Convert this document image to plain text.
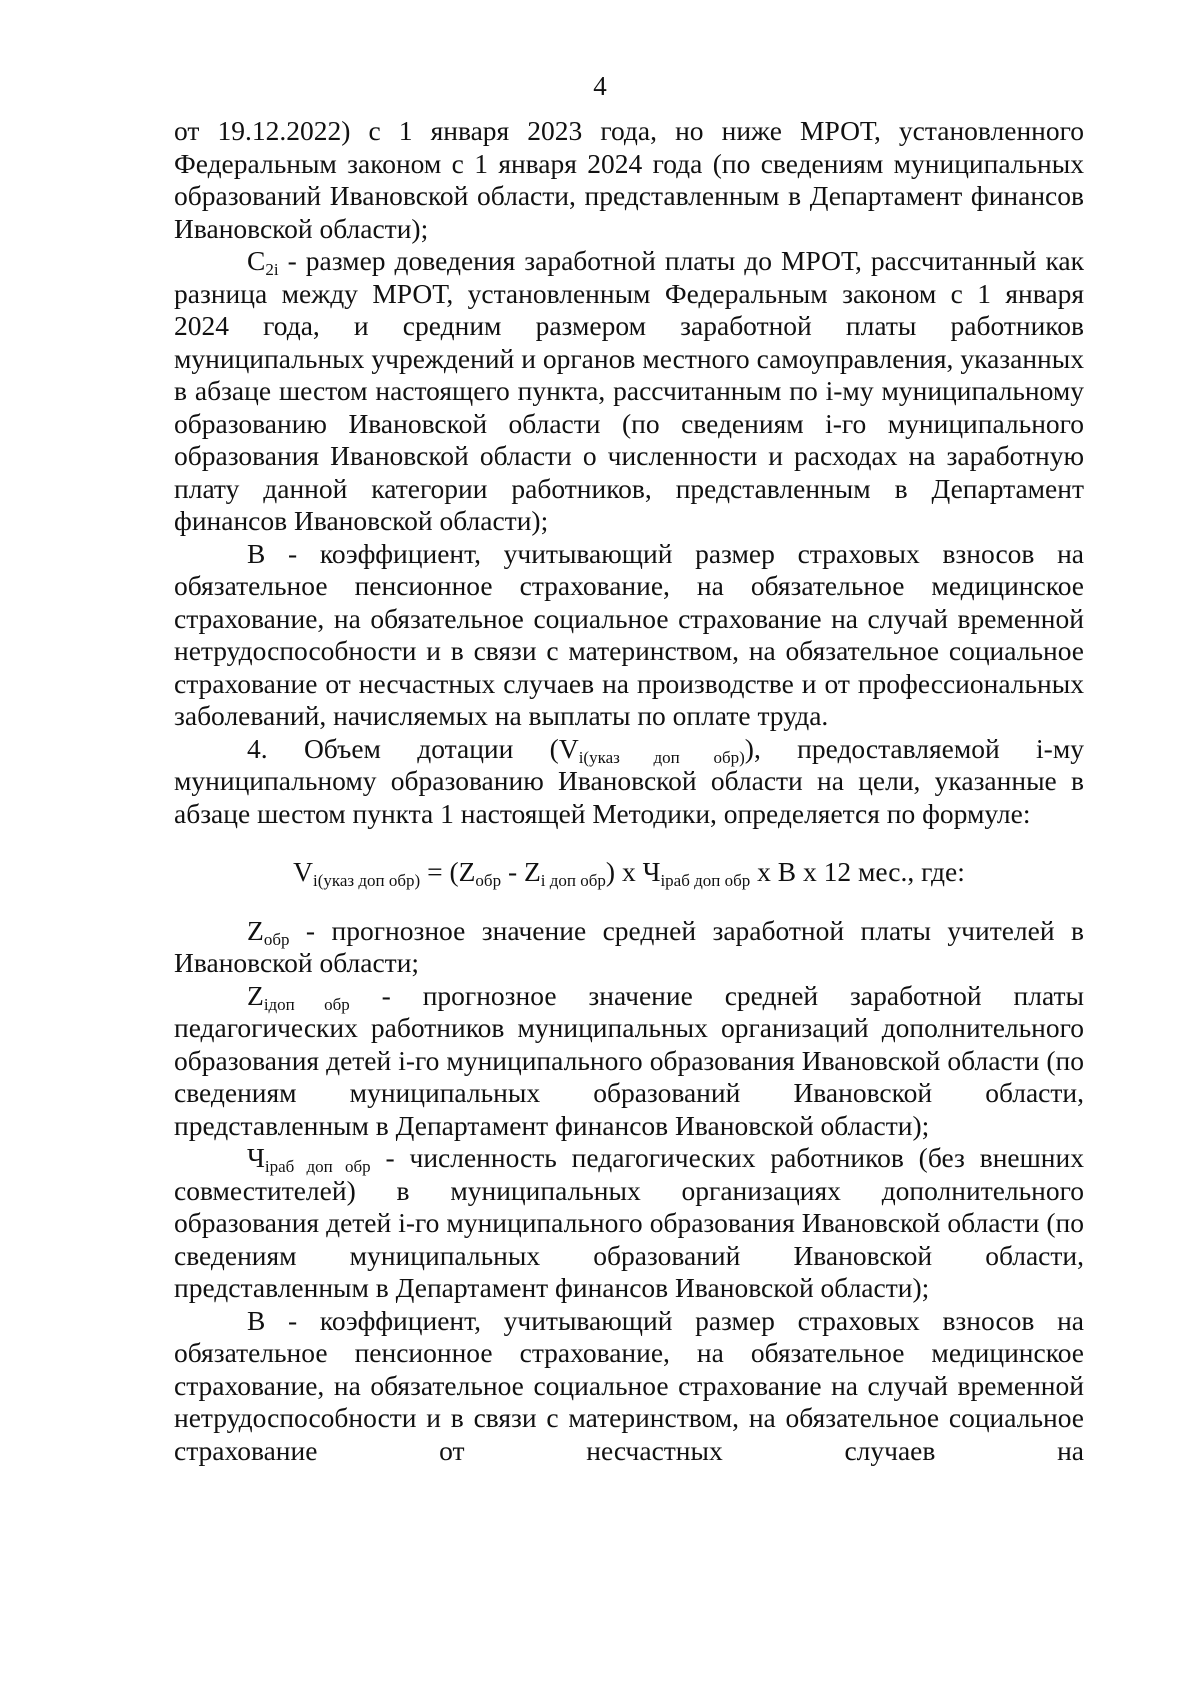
4

от 19.12.2022) с 1 января 2023 года, но ниже МРОТ, установленного Федеральным законом с 1 января 2024 года (по сведениям муниципальных образований Ивановской области, представленным в Департамент финансов Ивановской области);

$C_{2i}$ - размер доведения заработной платы до МРОТ, рассчитанный как разница между МРОТ, установленным Федеральным законом с 1 января 2024 года, и средним размером заработной платы работников муниципальных учреждений и органов местного самоуправления, указанных в абзаце шестом настоящего пункта, рассчитанным по i-му муниципальному образованию Ивановской области (по сведениям i-го муниципального образования Ивановской области о численности и расходах на заработную плату данной категории работников, представленным в Департамент финансов Ивановской области);

В - коэффициент, учитывающий размер страховых взносов на обязательное пенсионное страхование, на обязательное медицинское страхование, на обязательное социальное страхование на случай временной нетрудоспособности и в связи с материнством, на обязательное социальное страхование от несчастных случаев на производстве и от профессиональных заболеваний, начисляемых на выплаты по оплате труда.

4. Объем дотации $(V_{i(указ доп обр)})$, предоставляемой i-му муниципальному образованию Ивановской области на цели, указанные в абзаце шестом пункта 1 настоящей Методики, определяется по формуле:

$V_{i(указ доп обр)} = (Z_{обр} - Z_{i доп обр})$ x $Ч_{iраб доп обр}$ x B x 12 мес., где:

$Z_{обр}$ - прогнозное значение средней заработной платы учителей в Ивановской области;

$Z_{iдоп обр}$ - прогнозное значение средней заработной платы педагогических работников муниципальных организаций дополнительного образования детей i-го муниципального образования Ивановской области (по сведениям муниципальных образований Ивановской области, представленным в Департамент финансов Ивановской области);

$Ч_{iраб доп обр}$ - численность педагогических работников (без внешних совместителей) в муниципальных организациях дополнительного образования детей i-го муниципального образования Ивановской области (по сведениям муниципальных образований Ивановской области, представленным в Департамент финансов Ивановской области);

В - коэффициент, учитывающий размер страховых взносов на обязательное пенсионное страхование, на обязательное медицинское страхование, на обязательное социальное страхование на случай временной нетрудоспособности и в связи с материнством, на обязательное социальное страхование от несчастных случаев на
